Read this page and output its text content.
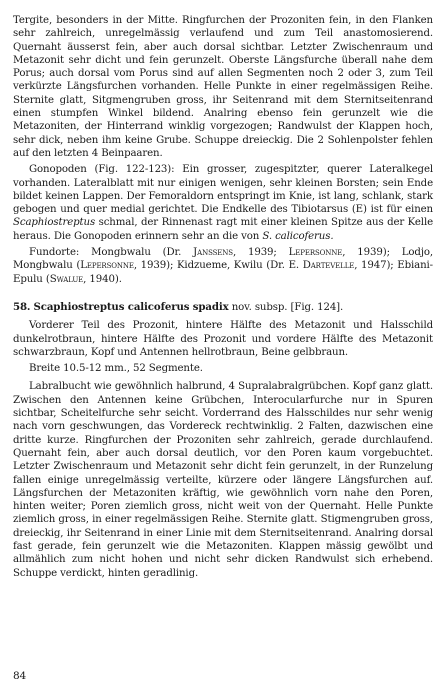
Tergite, besonders in der Mitte. Ringfurchen der Prozoniten fein, in den Flanken sehr zahlreich, unregelmässig verlaufend und zum Teil anastomosierend. Quernaht äusserst fein, aber auch dorsal sichtbar. Letzter Zwischenraum und Metazonit sehr dicht und fein gerunzelt. Oberste Längsfurche überall nahe dem Porus; auch dorsal vom Porus sind auf allen Segmenten noch 2 oder 3, zum Teil verkürzte Längsfurchen vorhanden. Helle Punkte in einer regelmässigen Reihe. Sternite glatt, Sitgmengruben gross, ihr Seitenrand mit dem Sternitseitenrand einen stumpfen Winkel bildend. Analring ebenso fein gerunzelt wie die Metazoniten, der Hinterrand winklig vorgezogen; Randwulst der Klappen hoch, sehr dick, neben ihm keine Grube. Schuppe dreieckig. Die 2 Sohlenpolster fehlen auf den letzten 4 Beinpaaren.

Gonopoden (Fig. 122-123): Ein grosser, zugespitzter, querer Lateralkegel vorhanden. Lateralblatt mit nur einigen wenigen, sehr kleinen Borsten; sein Ende bildet keinen Lappen. Der Femoraldorn entspringt im Knie, ist lang, schlank, stark gebogen und quer medial gerichtet. Die Endkelle des Tibiotarsus (E) ist für einen Scaphiostreptus schmal, der Rinnenast ragt mit einer kleinen Spitze aus der Kelle heraus. Die Gonopoden erinnern sehr an die von S. calicoferus.

Fundorte: Mongbwalu (Dr. Janssens, 1939; Lepersonne, 1939); Lodjo, Mongbwalu (Lepersonne, 1939); Kidzueme, Kwilu (Dr. E. Dartevelle, 1947); Ebiani-Epulu (Swalue, 1940).

58. Scaphiostreptus calicoferus spadix nov. subsp. [Fig. 124].

Vorderer Teil des Prozonit, hintere Hälfte des Metazonit und Halsschild dunkelrotbraun, hintere Hälfte des Prozonit und vordere Hälfte des Metazonit schwarzbraun, Kopf und Antennen hellrotbraun, Beine gelbbraun.

Breite 10.5-12 mm., 52 Segmente.

Labralbucht wie gewöhnlich halbrund, 4 Supralabralgrübchen. Kopf ganz glatt. Zwischen den Antennen keine Grübchen, Interocularfurche nur in Spuren sichtbar, Scheitelfurche sehr seicht. Vorderrand des Halsschildes nur sehr wenig nach vorn geschwungen, das Vordereck rechtwinklig. 2 Falten, dazwischen eine dritte kurze. Ringfurchen der Prozoniten sehr zahlreich, gerade durchlaufend. Quernaht fein, aber auch dorsal deutlich, vor den Poren kaum vorgebuchtet. Letzter Zwischenraum und Metazonit sehr dicht fein gerunzelt, in der Runzelung fallen einige unregelmässig verteilte, kürzere oder längere Längsfurchen auf. Längsfurchen der Metazoniten kräftig, wie gewöhnlich vorn nahe den Poren, hinten weiter; Poren ziemlich gross, nicht weit von der Quernaht. Helle Punkte ziemlich gross, in einer regelmässigen Reihe. Sternite glatt. Stigmengruben gross, dreieckig, ihr Seitenrand in einer Linie mit dem Sternitseitenrand. Analring dorsal fast gerade, fein gerunzelt wie die Metazoniten. Klappen mässig gewölbt und allmählich zum nicht hohen und nicht sehr dicken Randwulst sich erhebend. Schuppe verdickt, hinten geradlinig.

84
